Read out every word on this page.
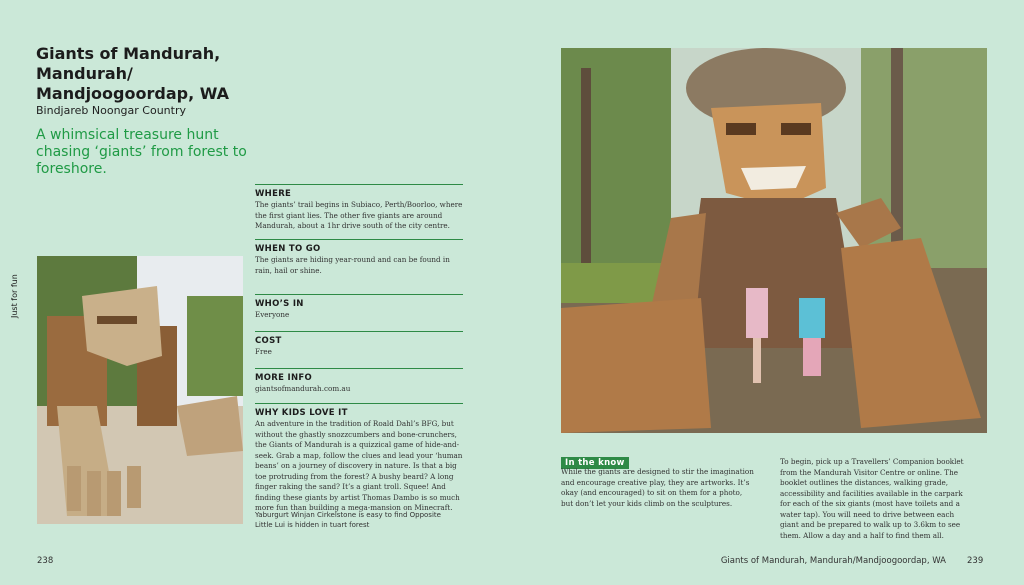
Giants of Mandurah, Mandurah/ Mandjoogoordap, WA
Bindjareb Noongar Country
A whimsical treasure hunt chasing ‘giants’ from forest to foreshore.
Just for fun
WHERE
The giants’ trail begins in Subiaco, Perth/Boorloo, where the first giant lies. The other five giants are around Mandurah, about a 1hr drive south of the city centre.
WHEN TO GO
The giants are hiding year-round and can be found in rain, hail or shine.
WHO’S IN
Everyone
COST
Free
MORE INFO
giantsofmandurah.com.au
WHY KIDS LOVE IT
An adventure in the tradition of Roald Dahl’s BFG, but without the ghastly snozzcumbers and bone-crunchers, the Giants of Mandurah is a quizzical game of hide-and-seek. Grab a map, follow the clues and lead your ‘human beans’ on a journey of discovery in nature. Is that a big toe protruding from the forest? A bushy beard? A long finger raking the sand? It’s a giant troll. Squee! And finding these giants by artist Thomas Dambo is so much more fun than building a mega-mansion on Minecraft.
Yaburgurt Winjan Cirkelstone is easy to find Opposite Little Lui is hidden in tuart forest
In the know
While the giants are designed to stir the imagination and encourage creative play, they are artworks. It’s okay (and encouraged) to sit on them for a photo, but don’t let your kids climb on the sculptures.
To begin, pick up a Travellers’ Companion booklet from the Mandurah Visitor Centre or online. The booklet outlines the distances, walking grade, accessibility and facilities available in the carpark for each of the six giants (most have toilets and a water tap). You will need to drive between each giant and be prepared to walk up to 3.6km to see them. Allow a day and a half to find them all.
238	Giants of Mandurah, Mandurah/Mandjoogoordap, WA 239
